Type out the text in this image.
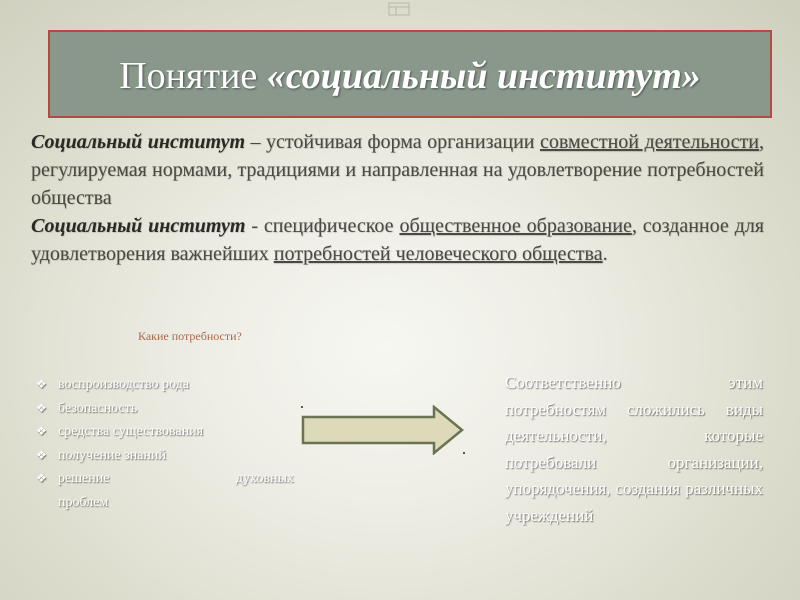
Понятие «социальный институт»

Социальный институт – устойчивая форма организации совместной деятельности, регулируемая нормами, традициями и направленная на удовлетворение потребностей общества

Социальный институт - специфическое общественное образование, созданное для удовлетворения важнейших потребностей человеческого общества.

Какие потребности?
❖ воспроизводство рода
❖ безопасность
❖ средства существования
❖ получение знаний
❖ решение	духовных
проблем
Соответственно этим потребностям сложились виды деятельности, которые потребовали организации, упорядочения, создания различных учреждений
